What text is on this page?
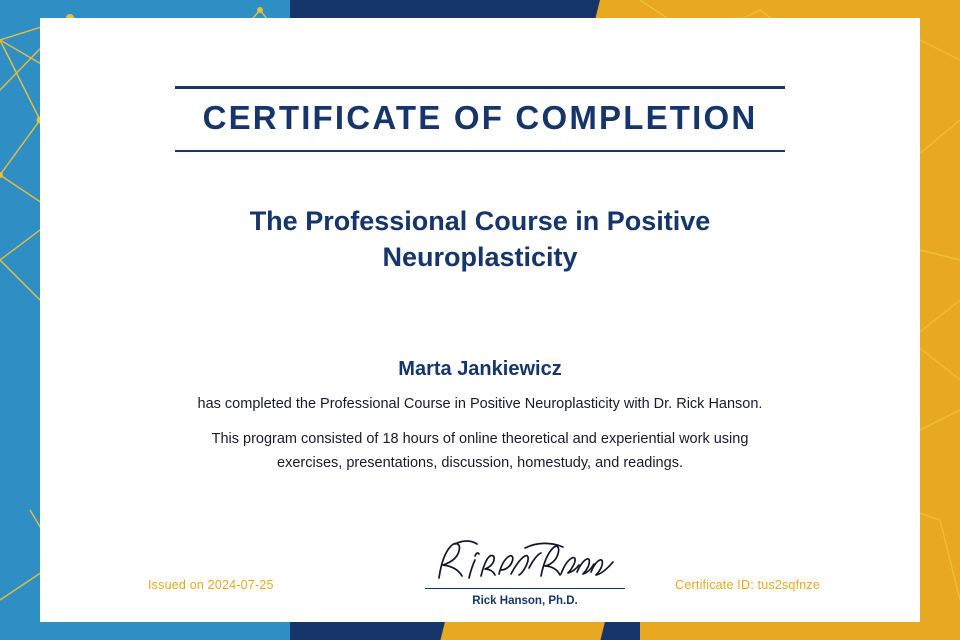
CERTIFICATE OF COMPLETION
The Professional Course in Positive Neuroplasticity
Marta Jankiewicz
has completed the Professional Course in Positive Neuroplasticity with Dr. Rick Hanson.
This program consisted of 18 hours of online theoretical and experiential work using exercises, presentations, discussion, homestudy, and readings.
Issued on 2024-07-25	Certificate ID: tus2sqfnze
Rick Hanson, Ph.D.
